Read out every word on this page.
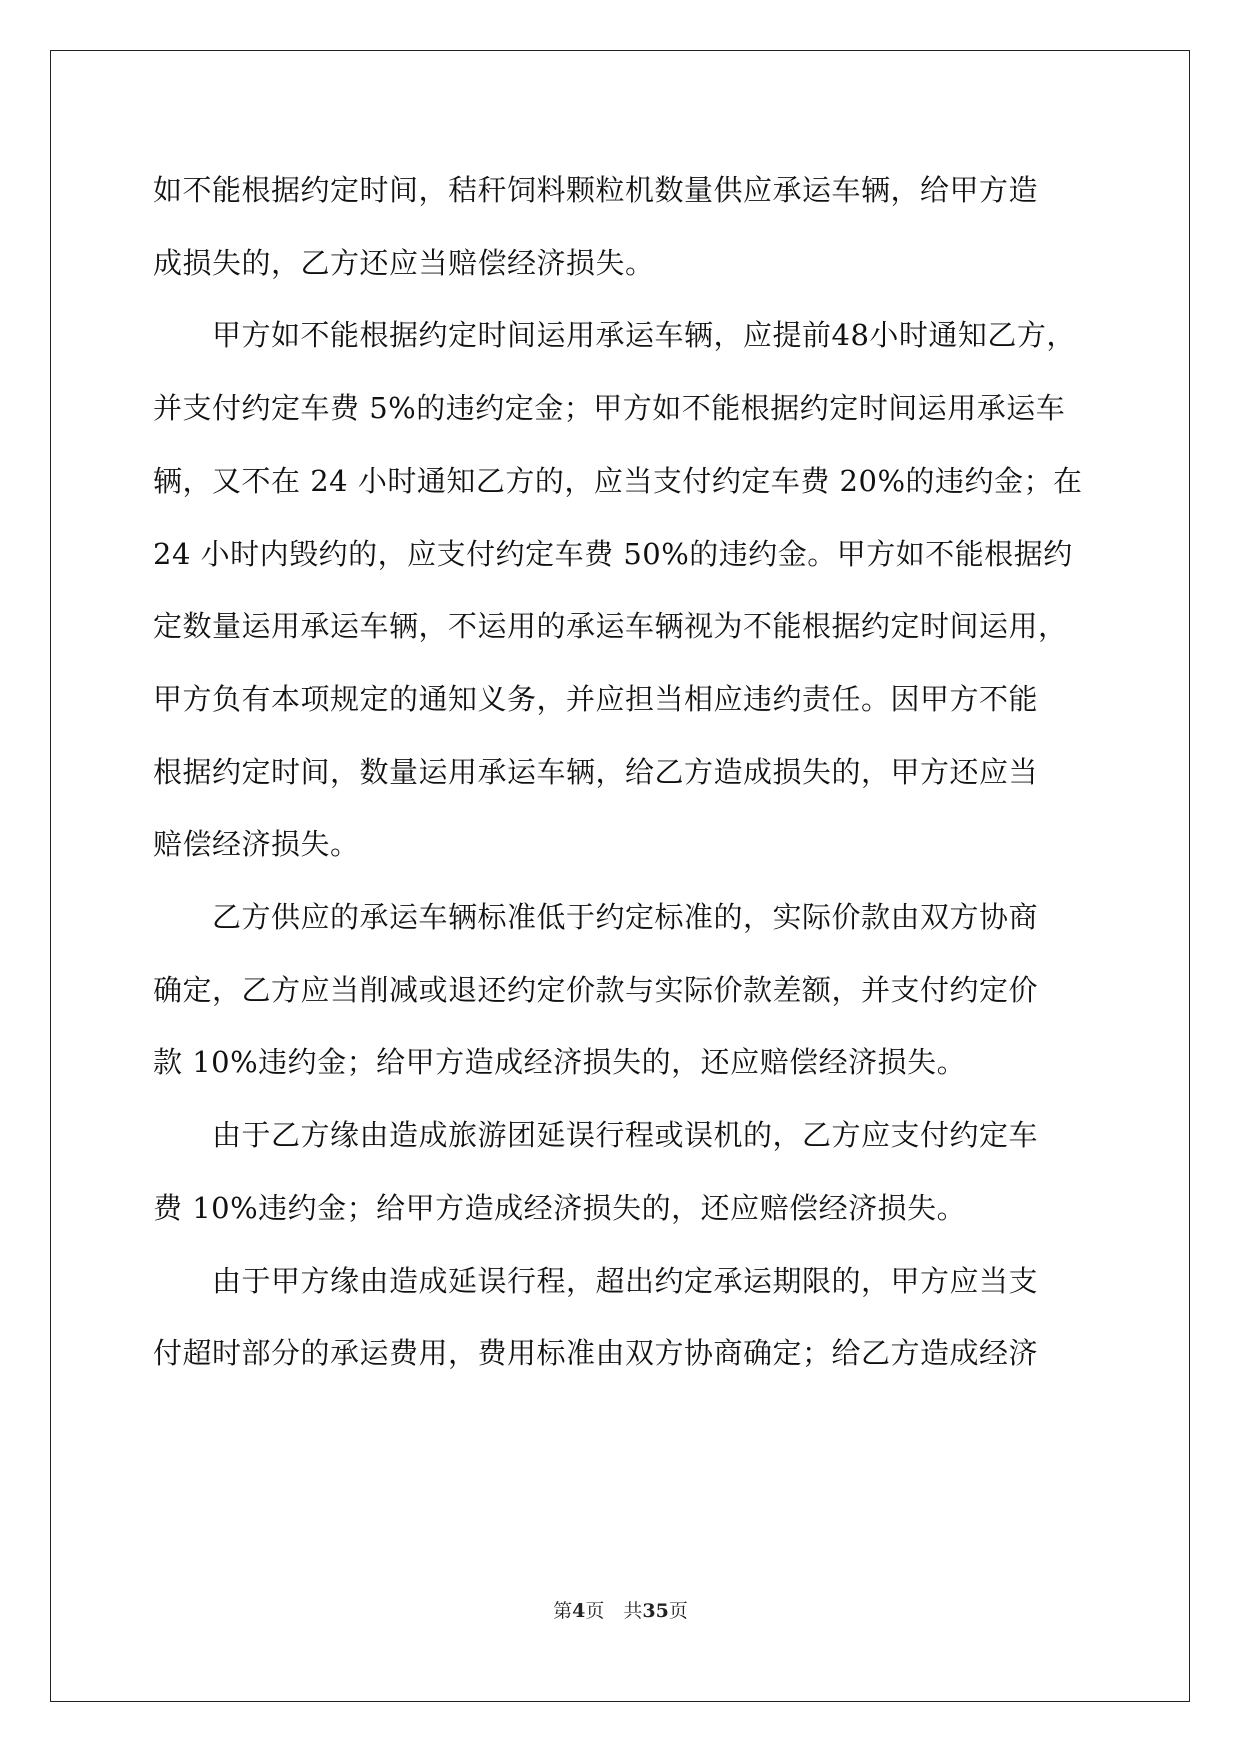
如不能根据约定时间，秸秆饲料颗粒机数量供应承运车辆，给甲方造
成损失的，乙方还应当赔偿经济损失。
　　甲方如不能根据约定时间运用承运车辆，应提前48小时通知乙方，
并支付约定车费 5%的违约定金；甲方如不能根据约定时间运用承运车
辆，又不在 24 小时通知乙方的，应当支付约定车费 20%的违约金；在
24 小时内毁约的，应支付约定车费 50%的违约金。甲方如不能根据约
定数量运用承运车辆，不运用的承运车辆视为不能根据约定时间运用，
甲方负有本项规定的通知义务，并应担当相应违约责任。因甲方不能
根据约定时间，数量运用承运车辆，给乙方造成损失的，甲方还应当
赔偿经济损失。
　　乙方供应的承运车辆标准低于约定标准的，实际价款由双方协商
确定，乙方应当削减或退还约定价款与实际价款差额，并支付约定价
款 10%违约金；给甲方造成经济损失的，还应赔偿经济损失。
　　由于乙方缘由造成旅游团延误行程或误机的，乙方应支付约定车
费 10%违约金；给甲方造成经济损失的，还应赔偿经济损失。
　　由于甲方缘由造成延误行程，超出约定承运期限的，甲方应当支
付超时部分的承运费用，费用标准由双方协商确定；给乙方造成经济
第4页　共35页
